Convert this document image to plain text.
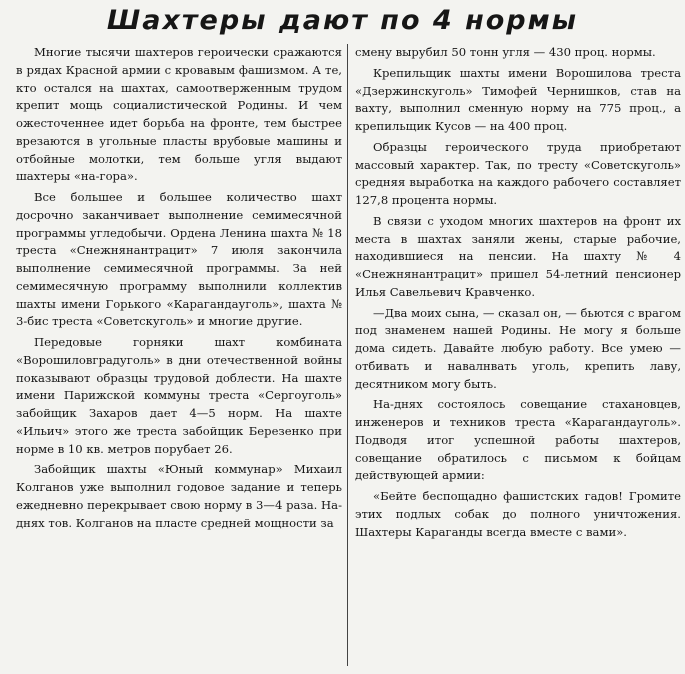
Шахтеры дают по 4 нормы

Многие тысячи шахтеров героически сражаются в рядах Красной армии с кровавым фашизмом. А те, кто остался на шахтах, самоотверженным трудом крепит мощь социалистической Родины. И чем ожесточеннее идет борьба на фронте, тем быстрее врезаются в угольные пласты врубовые машины и отбойные молотки, тем больше угля выдают шахтеры «на-гора».

Все большее и большее количество шахт досрочно заканчивает выполнение семимесячной программы угледобычи. Ордена Ленина шахта № 18 треста «Снежнянантрацит» 7 июля закончила выполнение семимесячной программы. За ней семимесячную программу выполнили коллектив шахты имени Горького «Карагандауголь», шахта № 3-бис треста «Советскуголь» и многие другие.

Передовые горняки шахт комбината «Ворошиловградуголь» в дни отечественной войны показывают образцы трудовой доблести. На шахте имени Парижской коммуны треста «Сергоуголь» забойщик Захаров дает 4—5 норм. На шахте «Ильич» этого же треста забойщик Березенко при норме в 10 кв. метров порубает 26.

Забойщик шахты «Юный коммунар» Михаил Колганов уже выполнил годовое задание и теперь ежедневно перекрывает свою норму в 3—4 раза. На-днях тов. Колганов на пласте средней мощности за

смену вырубил 50 тонн угля — 430 проц. нормы.

Крепильщик шахты имени Ворошилова треста «Дзержинскуголь» Тимофей Чернишков, став на вахту, выполнил сменную норму на 775 проц., а крепильщик Кусов — на 400 проц.

Образцы героического труда приобретают массовый характер. Так, по тресту «Советскуголь» средняя выработка на каждого рабочего составляет 127,8 процента нормы.

В связи с уходом многих шахтеров на фронт их места в шахтах заняли жены, старые рабочие, находившиеся на пенсии. На шахту № 4 «Снежнянантрацит» пришел 54-летний пенсионер Илья Савельевич Кравченко.

—Два моих сына, — сказал он, — бьются с врагом под знаменем нашей Родины. Не могу я больше дома сидеть. Давайте любую работу. Все умею — отбивать и навалнвать уголь, крепить лаву, десятником могу быть.

На-днях состоялось совещание стахановцев, инженеров и техников треста «Карагандауголь». Подводя итог успешной работы шахтеров, совещание обратилось с письмом к бойцам действующей армии:

«Бейте беспощадно фашистских гадов! Громите этих подлых собак до полного уничтожения. Шахтеры Караганды всегда вместе с вами».
